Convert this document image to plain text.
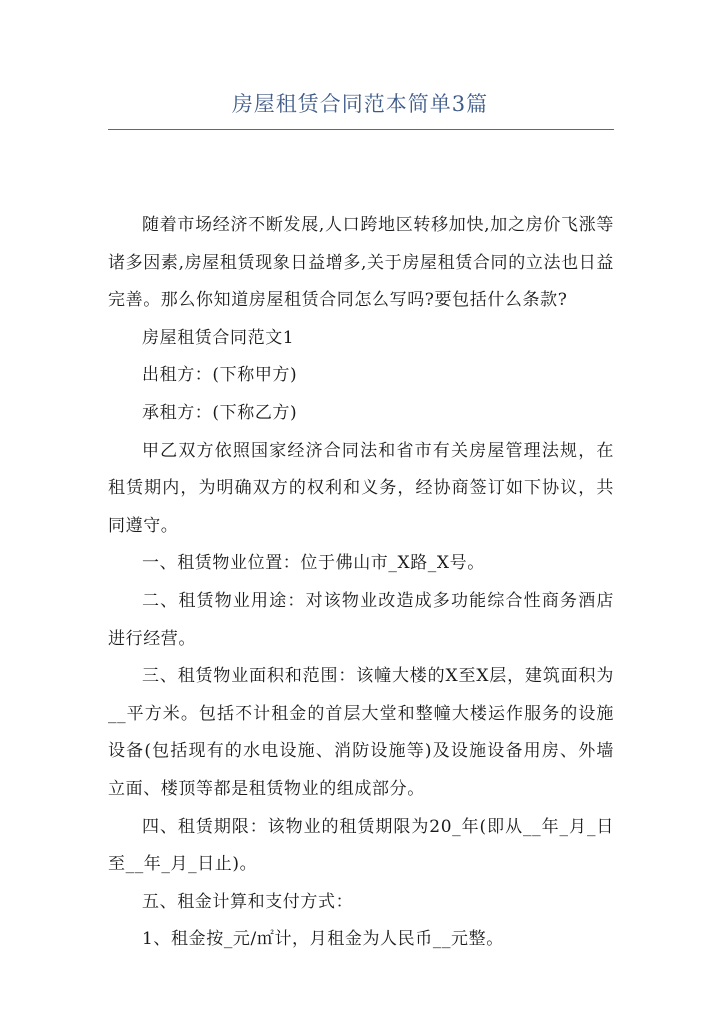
房屋租赁合同范本简单3篇

随着市场经济不断发展,人口跨地区转移加快,加之房价飞涨等诸多因素,房屋租赁现象日益增多,关于房屋租赁合同的立法也日益完善。那么你知道房屋租赁合同怎么写吗?要包括什么条款?

房屋租赁合同范文1

出租方：(下称甲方)

承租方：(下称乙方)

甲乙双方依照国家经济合同法和省市有关房屋管理法规，在租赁期内，为明确双方的权利和义务，经协商签订如下协议，共同遵守。

一、租赁物业位置：位于佛山市_X路_X号。

二、租赁物业用途：对该物业改造成多功能综合性商务酒店进行经营。

三、租赁物业面积和范围：该幢大楼的X至X层，建筑面积为__平方米。包括不计租金的首层大堂和整幢大楼运作服务的设施设备(包括现有的水电设施、消防设施等)及设施设备用房、外墙立面、楼顶等都是租赁物业的组成部分。

四、租赁期限：该物业的租赁期限为20_年(即从__年_月_日至__年_月_日止)。

五、租金计算和支付方式：

1、租金按_元/㎡计，月租金为人民币__元整。
